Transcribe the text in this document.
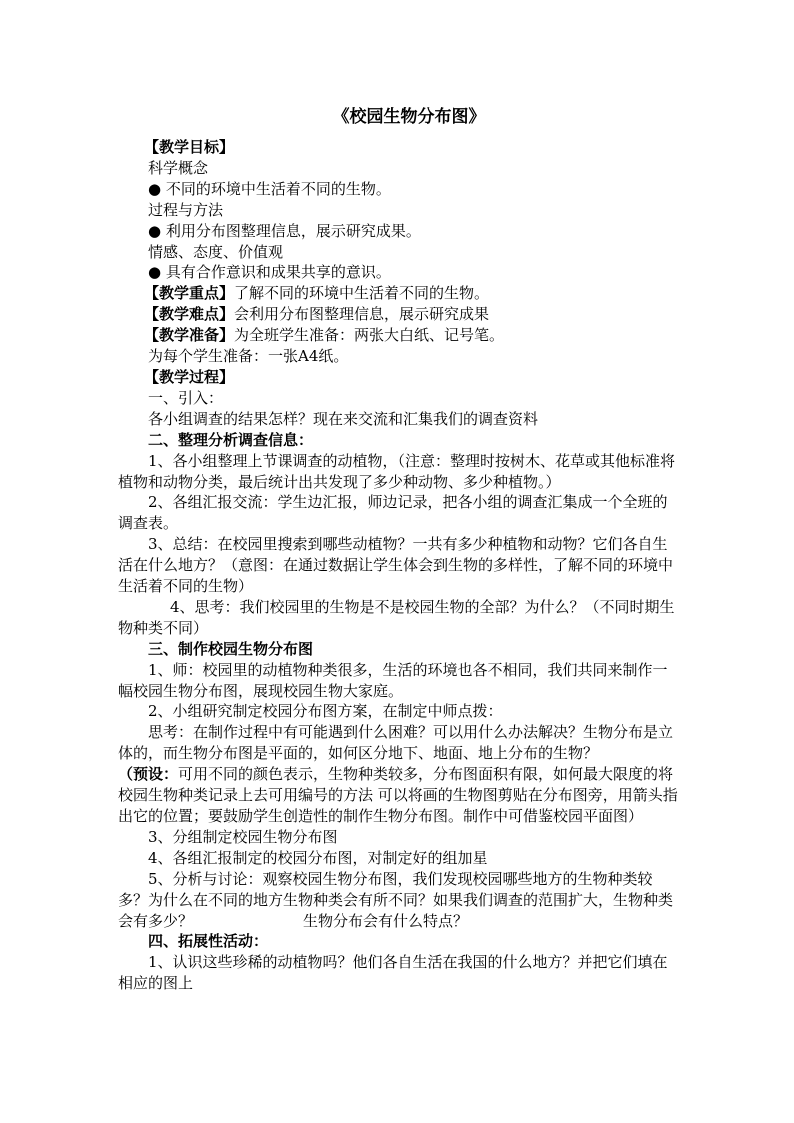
《校园生物分布图》
【教学目标】
科学概念
● 不同的环境中生活着不同的生物。
过程与方法
● 利用分布图整理信息，展示研究成果。
情感、态度、价值观
● 具有合作意识和成果共享的意识。
【教学重点】了解不同的环境中生活着不同的生物。
【教学难点】会利用分布图整理信息，展示研究成果
【教学准备】为全班学生准备：两张大白纸、记号笔。
为每个学生准备：一张A4纸。
【教学过程】
一、引入：
各小组调查的结果怎样？现在来交流和汇集我们的调查资料
二、整理分析调查信息：
1、各小组整理上节课调查的动植物，（注意：整理时按树木、花草或其他标准将植物和动物分类，最后统计出共发现了多少种动物、多少种植物。）
2、各组汇报交流：学生边汇报，师边记录，把各小组的调查汇集成一个全班的调查表。
3、总结：在校园里搜索到哪些动植物？一共有多少种植物和动物？它们各自生活在什么地方？（意图：在通过数据让学生体会到生物的多样性，了解不同的环境中生活着不同的生物）
4、思考：我们校园里的生物是不是校园生物的全部？为什么？（不同时期生物种类不同）
三、制作校园生物分布图
1、师：校园里的动植物种类很多，生活的环境也各不相同，我们共同来制作一幅校园生物分布图，展现校园生物大家庭。
2、小组研究制定校园分布图方案，在制定中师点拨：
思考：在制作过程中有可能遇到什么困难？可以用什么办法解决？生物分布是立体的，而生物分布图是平面的，如何区分地下、地面、地上分布的生物？
（预设：可用不同的颜色表示，生物种类较多，分布图面积有限，如何最大限度的将校园生物种类记录上去可用编号的方法 可以将画的生物图剪贴在分布图旁，用箭头指出它的位置；要鼓励学生创造性的制作生物分布图。制作中可借鉴校园平面图）
3、分组制定校园生物分布图
4、各组汇报制定的校园分布图，对制定好的组加星
5、分析与讨论：观察校园生物分布图，我们发现校园哪些地方的生物种类较多？为什么在不同的地方生物种类会有所不同？如果我们调查的范围扩大，生物种类会有多少？	生物分布会有什么特点？
四、拓展性活动：
1、认识这些珍稀的动植物吗？他们各自生活在我国的什么地方？并把它们填在相应的图上
